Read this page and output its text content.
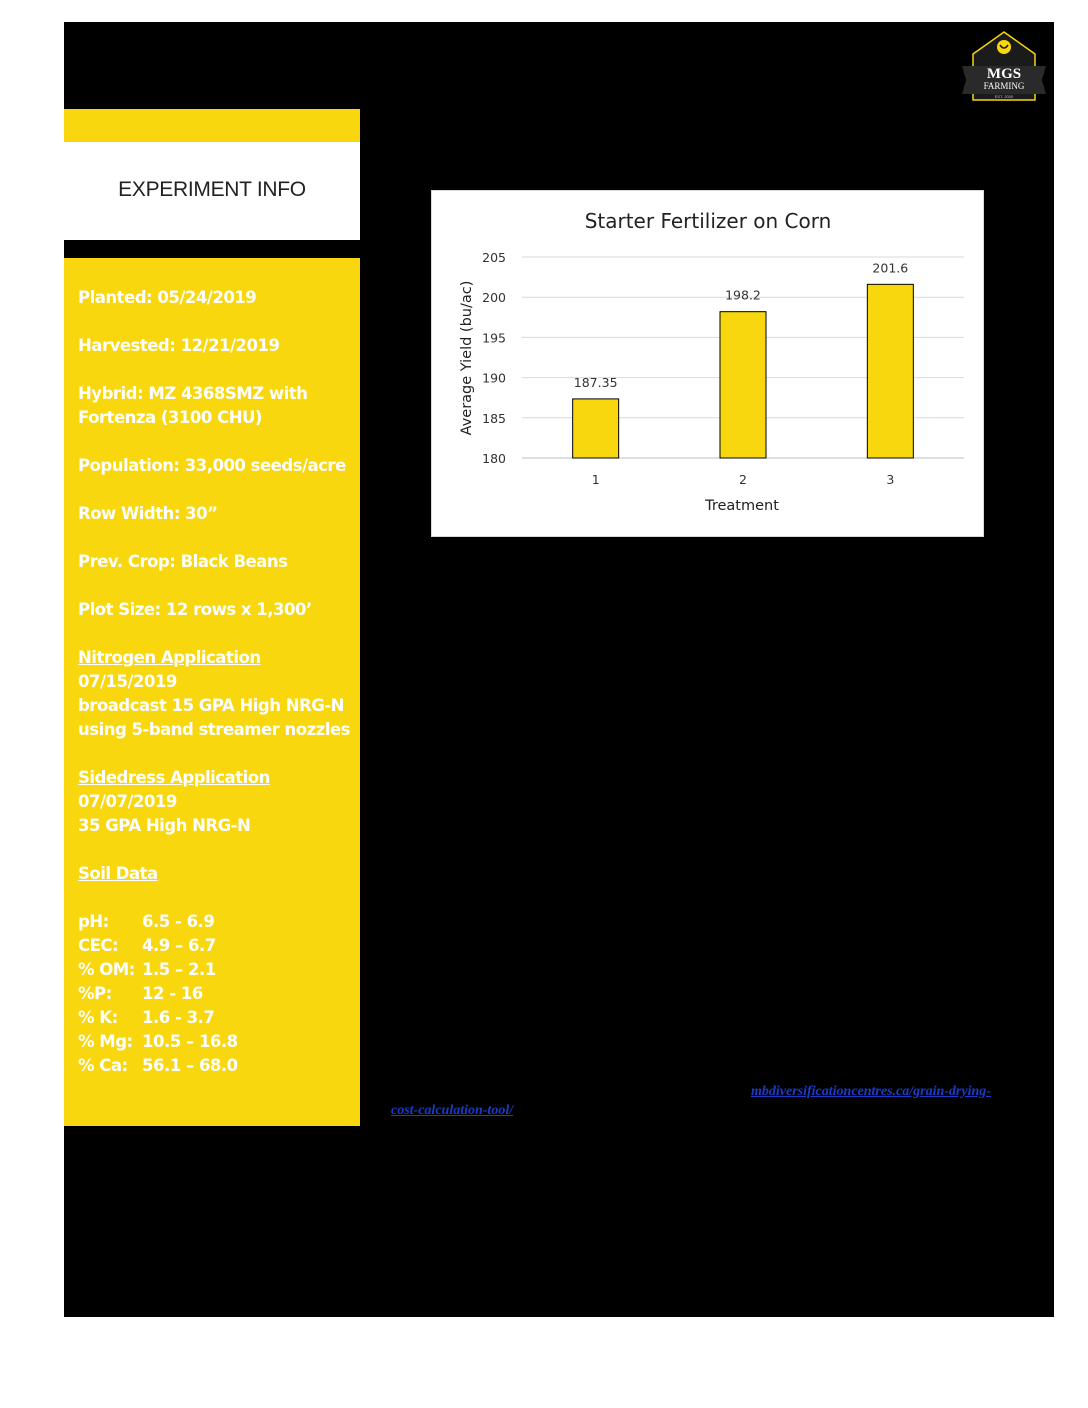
MGS
FARMING
EST. 2000
EXPERIMENT INFO
Planted: 05/24/2019
Harvested: 12/21/2019
Hybrid: MZ 4368SMZ with
Fortenza (3100 CHU)
Population: 33,000 seeds/acre
Row Width: 30”
Prev. Crop: Black Beans
Plot Size: 12 rows x 1,300’
Nitrogen Application
07/15/2019
broadcast 15 GPA High NRG-N
using 5-band streamer nozzles
Sidedress Application
07/07/2019
35 GPA High NRG-N
Soil Data
pH:	6.5 - 6.9
CEC:	4.9 – 6.7
% OM: 1.5 – 2.1
%P:	12 - 16
% K:	1.6 - 3.7
% Mg: 10.5 – 16.8
% Ca: 56.1 – 68.0
Starter Fertilizer on Corn
180
185
190
195
200
205
187.35
198.2
201.6
1	2	3
Treatment
Average Yield (bu/ac)
mbdiversificationcentres.ca/grain-drying-
cost-calculation-tool/
